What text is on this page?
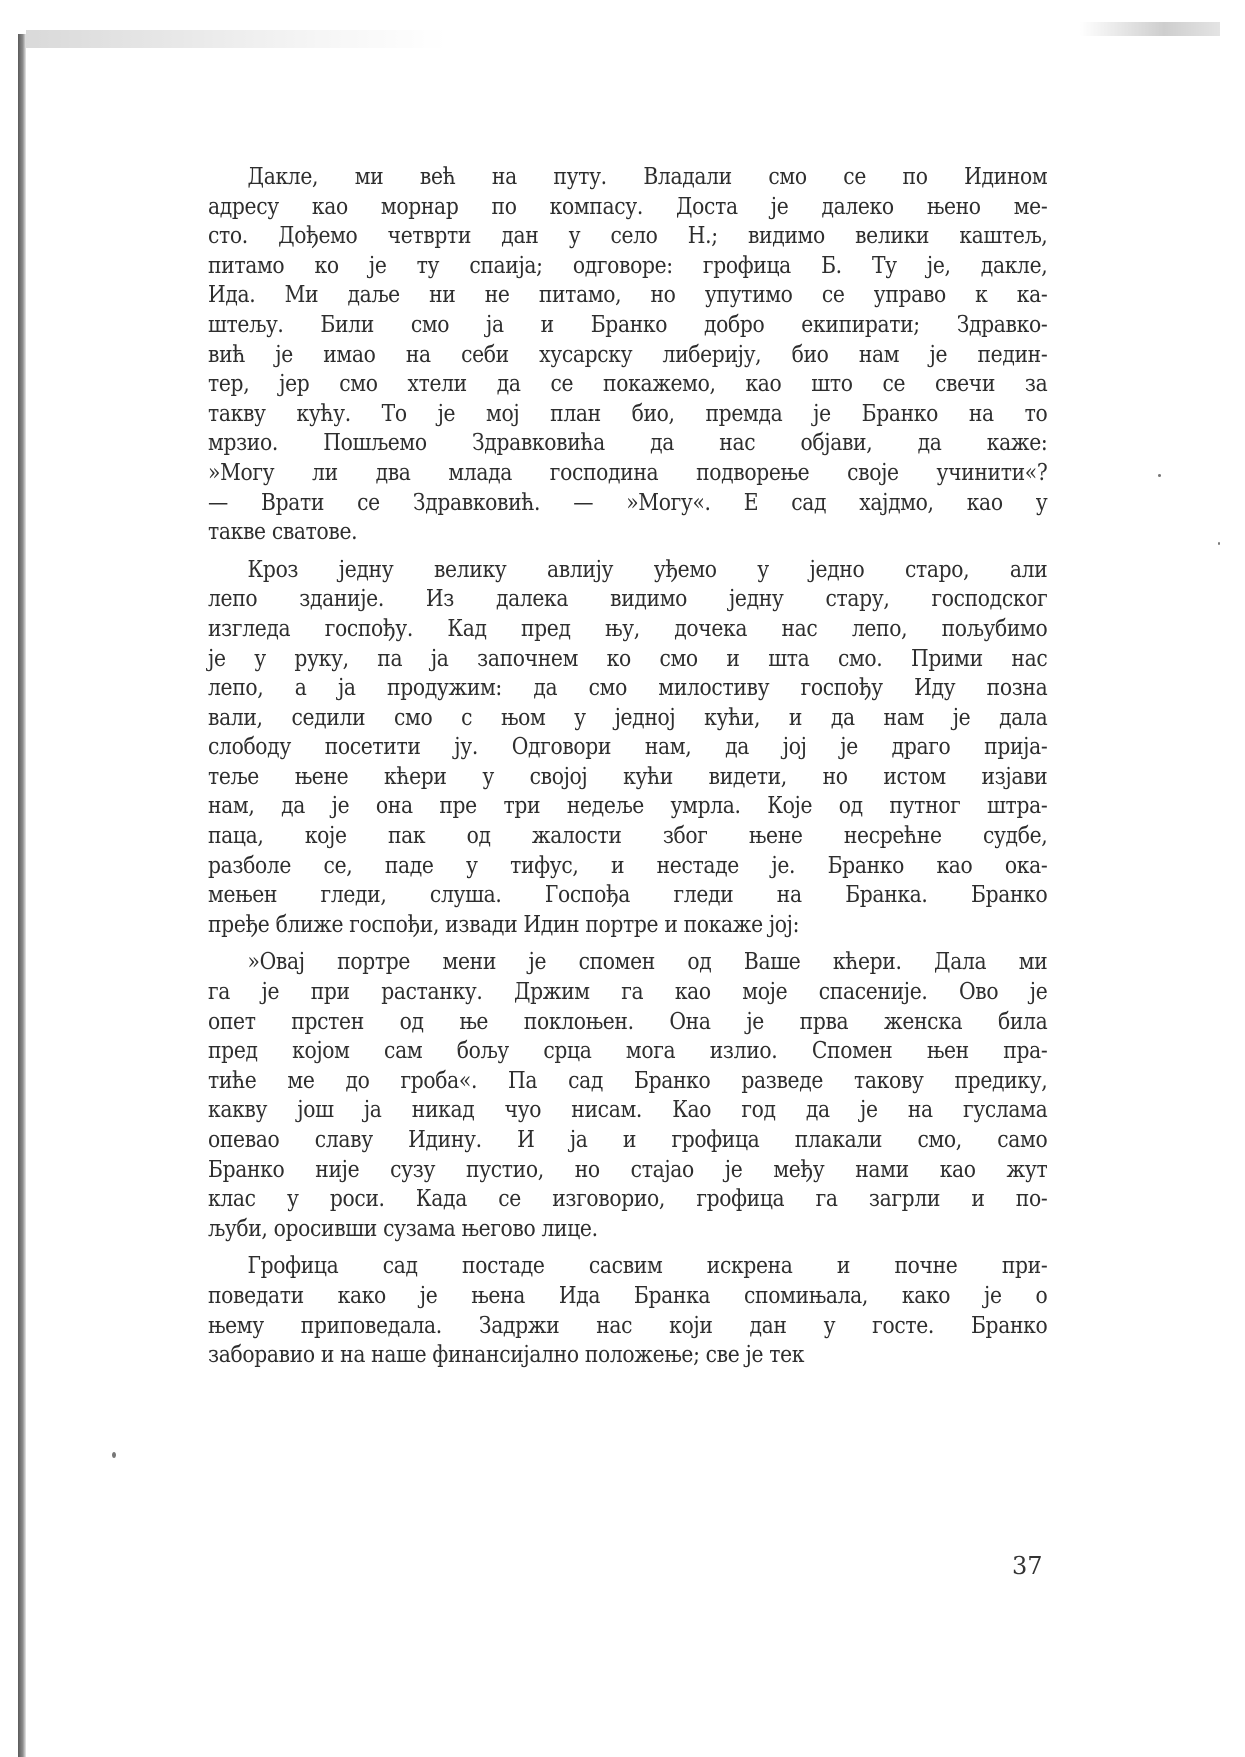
Дакле, ми већ на путу. Владали смо се по Идином
адресу као морнар по компасу. Доста је далеко њено ме-
сто. Дођемо четврти дан у село Н.; видимо велики каштељ,
питамо ко је ту спаија; одговоре: грофица Б. Ту је, дакле,
Ида. Ми даље ни не питамо, но упутимо се управо к ка-
штељу. Били смо ја и Бранко добро екипирати; Здравко-
вић је имао на себи хусарску либерију, био нам је педин-
тер, јер смо хтели да се покажемо, као што се свечи за
такву кућу. То је мој план био, премда је Бранко на то
мрзио. Пошљемо Здравковића да нас објави, да каже:
»Могу ли два млада господина подворење своје учинити«?
— Врати се Здравковић. — »Могу«. Е сад хајдмо, као у
такве сватове.
Кроз једну велику авлију уђемо у једно старо, али
лепо зданије. Из далека видимо једну стару, господског
изгледа госпођу. Кад пред њу, дочека нас лепо, пољубимо
је у руку, па ја започнем ко смо и шта смо. Прими нас
лепо, а ја продужим: да смо милостиву госпођу Иду позна
вали, седили смо с њом у једној кући, и да нам је дала
слободу посетити ју. Одговори нам, да јој је драго прија-
теље њене кћери у својој кући видети, но истом изјави
нам, да је она пре три недеље умрла. Које од путног штра-
паца, које пак од жалости због њене несрећне судбе,
разболе се, паде у тифус, и нестаде је. Бранко као ока-
мењен гледи, слуша. Госпођа гледи на Бранка. Бранко
пређе ближе госпођи, извади Идин портре и покаже јој:
»Овај портре мени је спомен од Ваше кћери. Дала ми
га је при растанку. Држим га као моје спасеније. Ово је
опет прстен од ње поклоњен. Она је прва женска била
пред којом сам бољу срца мога излио. Спомен њен пра-
тиће ме до гроба«. Па сад Бранко разведе такову предику,
какву још ја никад чуо нисам. Као год да је на гуслама
опевао славу Идину. И ја и грофица плакали смо, само
Бранко није сузу пустио, но стајао је међу нами као жут
клас у роси. Када се изговорио, грофица га загрли и по-
љуби, оросивши сузама његово лице.
Грофица сад постаде сасвим искрена и почне при-
поведати како је њена Ида Бранка спомињала, како је о
њему приповедала. Задржи нас који дан у госте. Бранко
заборавио и на наше финансијално положење; све је тек
37
